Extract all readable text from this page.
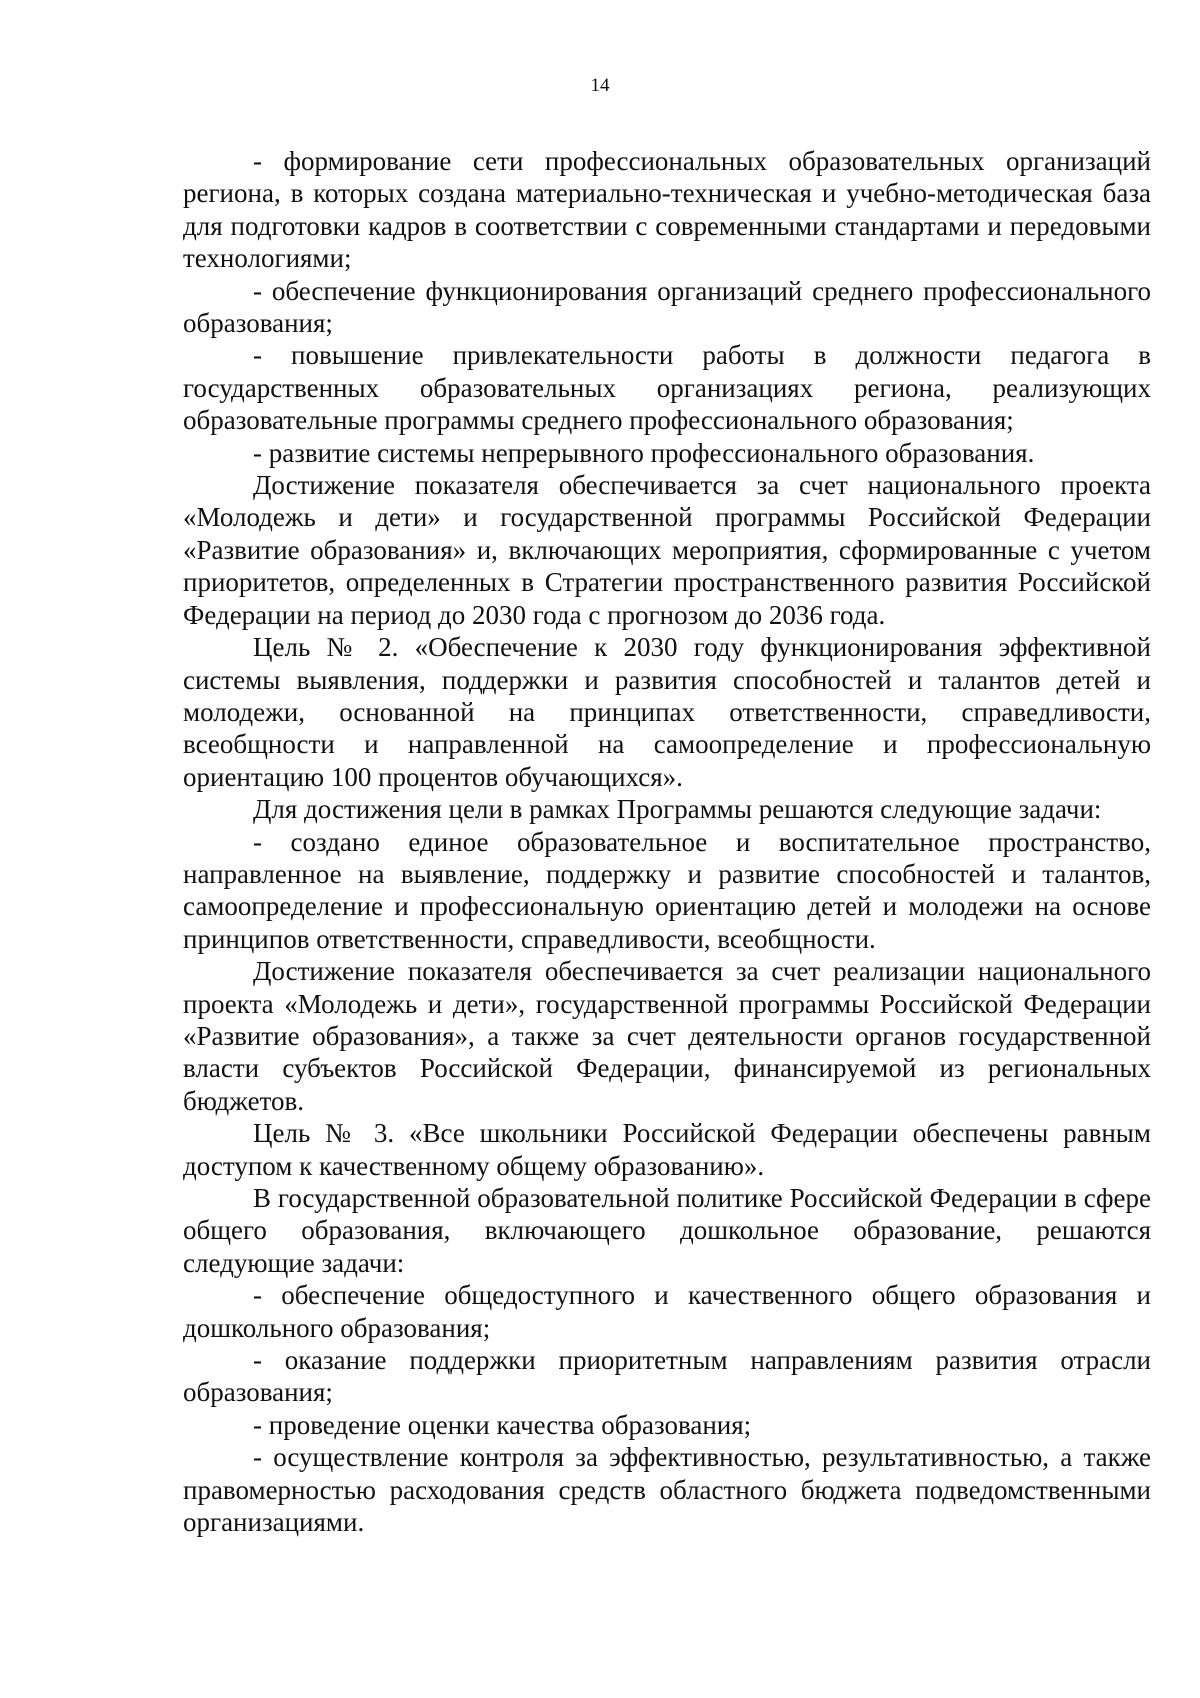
14

- формирование сети профессиональных образовательных организаций региона, в которых создана материально-техническая и учебно-методическая база для подготовки кадров в соответствии с современными стандартами и передовыми технологиями;

- обеспечение функционирования организаций среднего профессионального образования;

- повышение привлекательности работы в должности педагога в государственных образовательных организациях региона, реализующих образовательные программы среднего профессионального образования;

- развитие системы непрерывного профессионального образования.

Достижение показателя обеспечивается за счет национального проекта «Молодежь и дети» и государственной программы Российской Федерации «Развитие образования» и, включающих мероприятия, сформированные с учетом приоритетов, определенных в Стратегии пространственного развития Российской Федерации на период до 2030 года с прогнозом до 2036 года.

Цель № 2. «Обеспечение к 2030 году функционирования эффективной системы выявления, поддержки и развития способностей и талантов детей и молодежи, основанной на принципах ответственности, справедливости, всеобщности и направленной на самоопределение и профессиональную ориентацию 100 процентов обучающихся».

Для достижения цели в рамках Программы решаются следующие задачи:

- создано единое образовательное и воспитательное пространство, направленное на выявление, поддержку и развитие способностей и талантов, самоопределение и профессиональную ориентацию детей и молодежи на основе принципов ответственности, справедливости, всеобщности.

Достижение показателя обеспечивается за счет реализации национального проекта «Молодежь и дети», государственной программы Российской Федерации «Развитие образования», а также за счет деятельности органов государственной власти субъектов Российской Федерации, финансируемой из региональных бюджетов.

Цель № 3. «Все школьники Российской Федерации обеспечены равным доступом к качественному общему образованию».

В государственной образовательной политике Российской Федерации в сфере общего образования, включающего дошкольное образование, решаются следующие задачи:

- обеспечение общедоступного и качественного общего образования и дошкольного образования;

- оказание поддержки приоритетным направлениям развития отрасли образования;

- проведение оценки качества образования;

- осуществление контроля за эффективностью, результативностью, а также правомерностью расходования средств областного бюджета подведомственными организациями.
